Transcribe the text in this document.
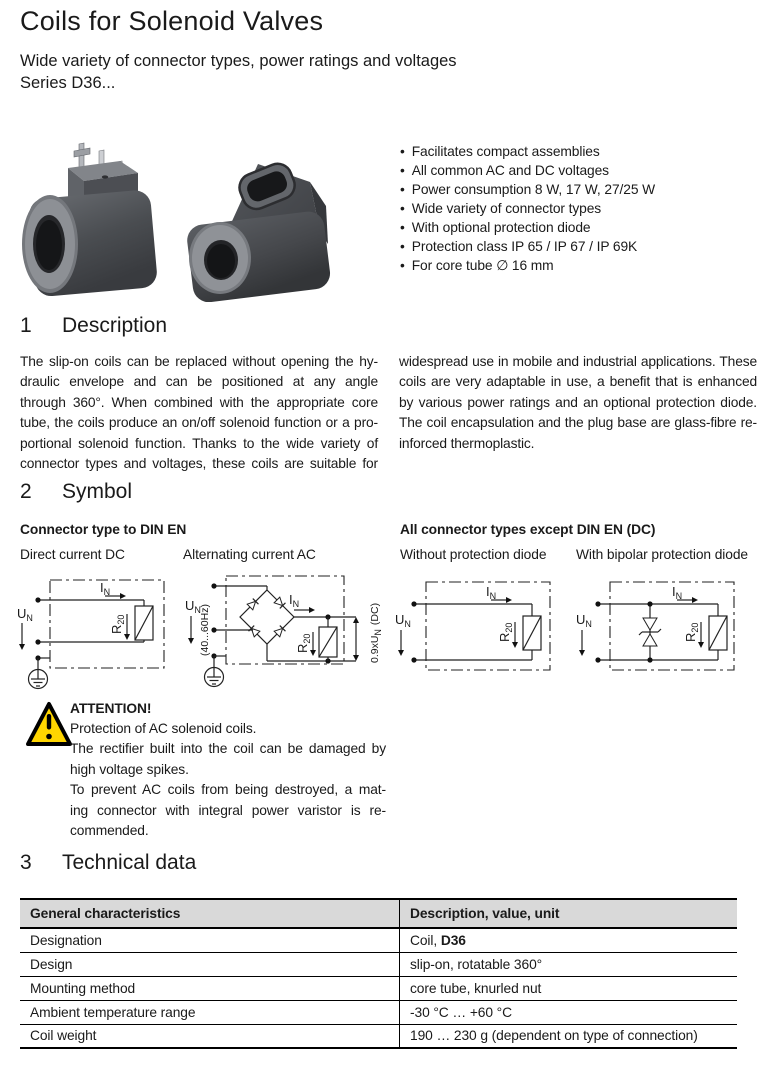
Coils for Solenoid Valves
Wide variety of connector types, power ratings and voltages
Series D36...
• Facilitates compact assemblies
• All common AC and DC voltages
• Power consumption 8 W, 17 W, 27/25 W
• Wide variety of connector types
• With optional protection diode
• Protection class IP 65 / IP 67 / IP 69K
• For core tube ∅ 16 mm
1 Description
The slip-on coils can be replaced without opening the hy-
draulic envelope and can be positioned at any angle
through 360°. When combined with the appropriate core
tube, the coils produce an on/off solenoid function or a pro-
portional solenoid function. Thanks to the wide variety of
connector types and voltages, these coils are suitable for
widespread use in mobile and industrial applications. These
coils are very adaptable in use, a benefit that is enhanced
by various power ratings and an optional protection diode.
The coil encapsulation and the plug base are glass-fibre re-
inforced thermoplastic.
2 Symbol
Connector type to DIN EN	All connector types except DIN EN (DC)
Direct current DC	Alternating current AC	Without protection diode With bipolar protection diode
$U_N$
$I_N$
$R_{20}$
$U_N$
(40...60Hz)
$I_N$
$R_{20}$	0.9xUN(DC)
$I_N$
$R_{20}$
$U_N$
$I_N$
$R_{20}$
$U_N$
ATTENTION!
Protection of AC solenoid coils.
The rectifier built into the coil can be damaged by
high voltage spikes.
To prevent AC coils from being destroyed, a mat-
ing connector with integral power varistor is re-
commended.
3 Technical data
General characteristics	Description, value, unit
Designation	Coil, D36
Design	slip-on, rotatable 360°
Mounting method	core tube, knurled nut
Ambient temperature range	-30 °C … +60 °C
Coil weight	190 … 230 g (dependent on type of connection)
